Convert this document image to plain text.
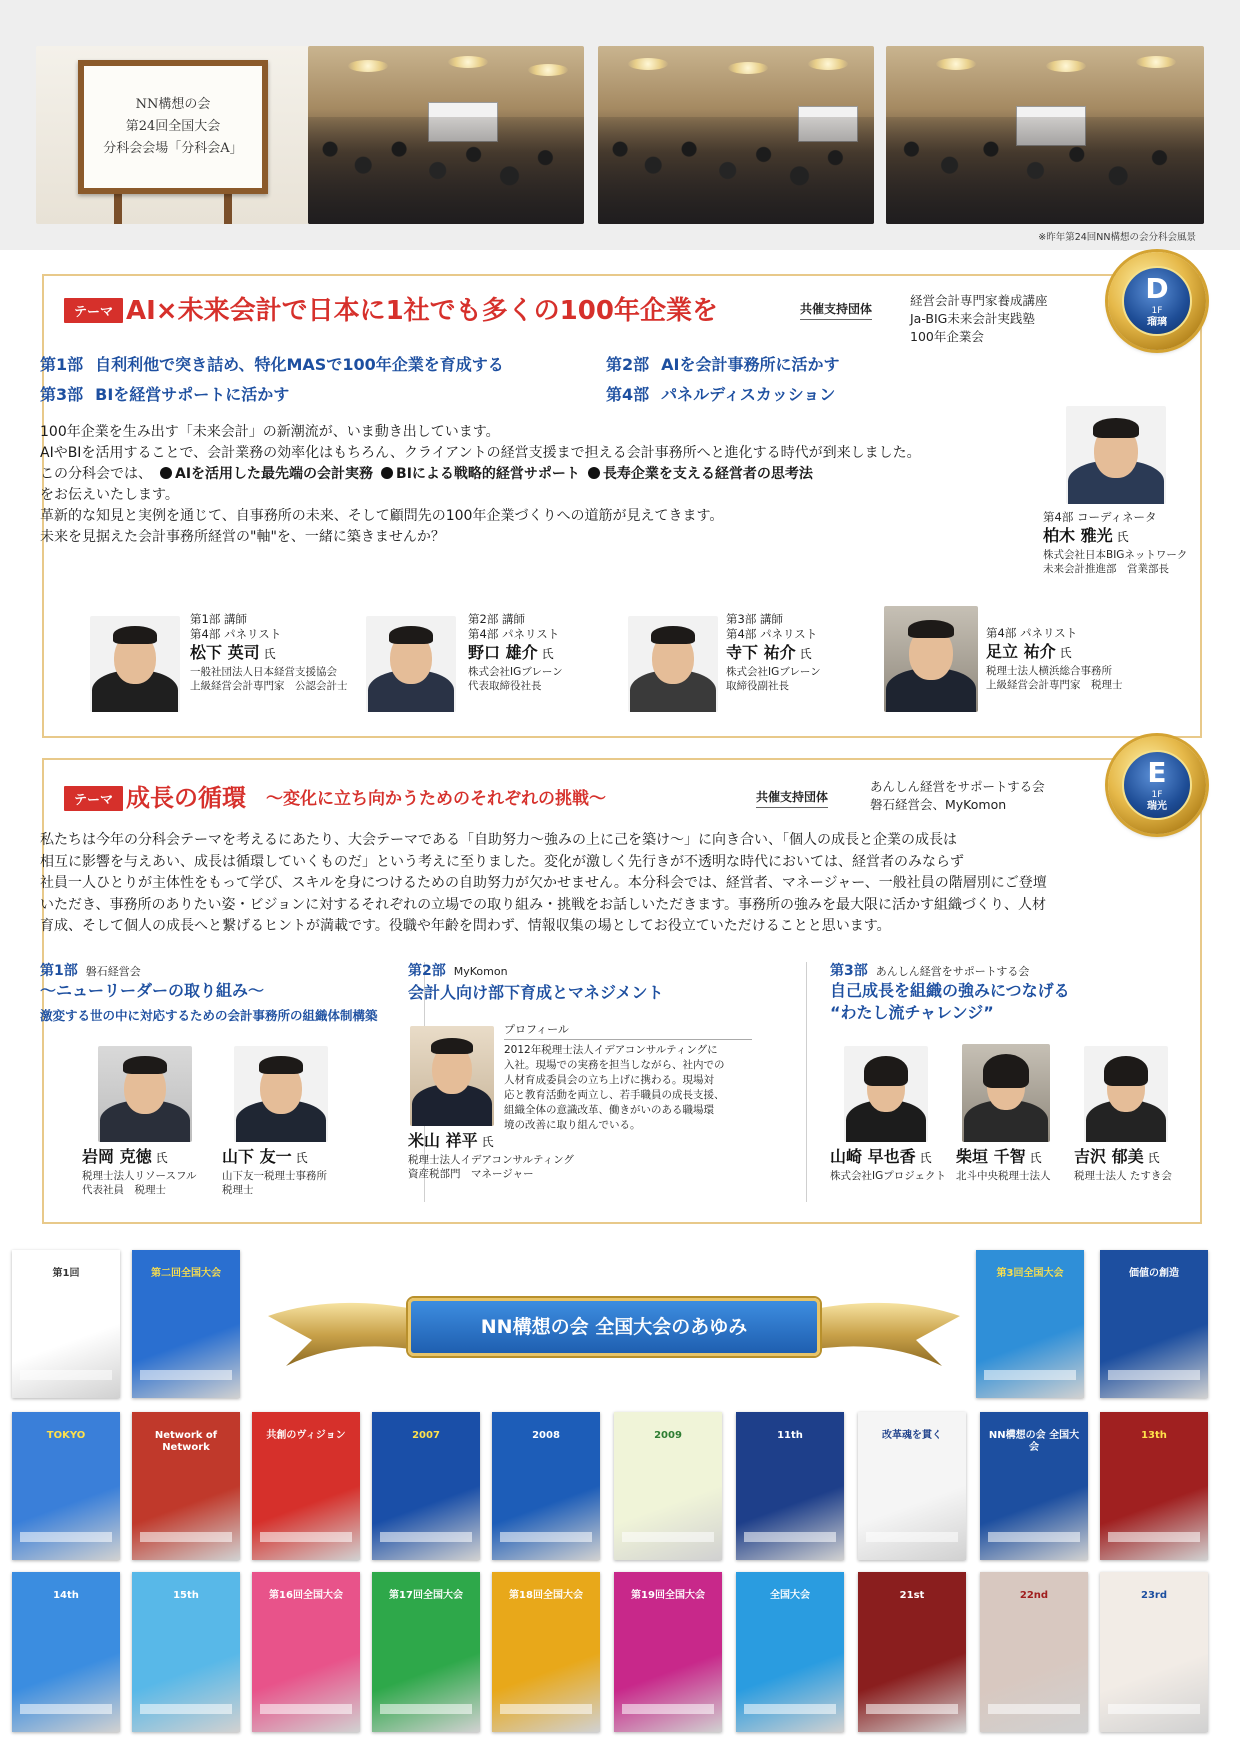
NN構想の会
第24回全国大会
分科会会場「分科会A」
※昨年第24回NN構想の会分科会風景
テーマ AI×未来会計で日本に1社でも多くの100年企業を	共催支持団体
経営会計専門家養成講座
Ja-BIG未来会計実践塾
100年企業会
第1部 自利利他で突き詰め、特化MASで100年企業を育成する	第2部 AIを会計事務所に活かす
第3部 BIを経営サポートに活かす	第4部 パネルディスカッション
100年企業を生み出す「未来会計」の新潮流が、いま動き出しています。
AIやBIを活用することで、会計業務の効率化はもちろん、クライアントの経営支援まで担える会計事務所へと進化する時代が到来しました。
この分科会では、 AIを活用した最先端の会計実務 BIによる戦略的経営サポート 長寿企業を支える経営者の思考法
をお伝えいたします。
革新的な知見と実例を通じて、自事務所の未来、そして顧問先の100年企業づくりへの道筋が見えてきます。
未来を見据えた会計事務所経営の"軸"を、一緒に築きませんか？
第4部 コーディネータ
柏木 雅光 氏
株式会社日本BIGネットワーク
未来会計推進部　営業部長
第1部 講師
第4部 パネリスト
松下 英司 氏
一般社団法人日本経営支援協会
上級経営会計専門家　公認会計士
第2部 講師
第4部 パネリスト
野口 雄介 氏
株式会社IGブレーン
代表取締役社長
第3部 講師
第4部 パネリスト
寺下 祐介 氏
株式会社IGブレーン
取締役副社長
第4部 パネリスト
足立 祐介 氏
税理士法人横浜総合事務所
上級経営会計専門家　税理士
D
1F
瑠璃
テーマ 成長の循環 ～変化に立ち向かうためのそれぞれの挑戦～	共催支持団体
あんしん経営をサポートする会
磐石経営会、MyKomon
私たちは今年の分科会テーマを考えるにあたり、大会テーマである「自助努力～強みの上に己を築け～」に向き合い、「個人の成長と企業の成長は
相互に影響を与えあい、成長は循環していくものだ」という考えに至りました。変化が激しく先行きが不透明な時代においては、経営者のみならず
社員一人ひとりが主体性をもって学び、スキルを身につけるための自助努力が欠かせません。本分科会では、経営者、マネージャー、一般社員の階層別にご登壇
いただき、事務所のありたい姿・ビジョンに対するそれぞれの立場での取り組み・挑戦をお話しいただきます。事務所の強みを最大限に活かす組織づくり、人材
育成、そして個人の成長へと繋げるヒントが満載です。役職や年齢を問わず、情報収集の場としてお役立ていただけることと思います。
第1部 磐石経営会
～ニューリーダーの取り組み～
激変する世の中に対応するための会計事務所の組織体制構築
岩岡 克徳 氏
税理士法人リソースフル
代表社員　税理士
山下 友一 氏
山下友一税理士事務所
税理士
第2部 MyKomon
会計人向け部下育成とマネジメント
プロフィール
2012年税理士法人イデアコンサルティングに
入社。現場での実務を担当しながら、社内での
人材育成委員会の立ち上げに携わる。現場対
応と教育活動を両立し、若手職員の成長支援、
組織全体の意識改革、働きがいのある職場環
境の改善に取り組んでいる。
米山 祥平 氏
税理士法人イデアコンサルティング
資産税部門　マネージャー
第3部 あんしん経営をサポートする会
自己成長を組織の強みにつなげる
“わたし流チャレンジ”
山崎 早也香 氏
株式会社IGプロジェクト
柴垣 千智 氏
北斗中央税理士法人
吉沢 郁美 氏
税理士法人 たすき会
E
1F
瑞光
NN構想の会 全国大会のあゆみ
第1回	第二回全国大会	第3回全国大会	価値の創造
TOKYO	Network of Network
共創のヴィジョン	2007	2008	2009	11th	改革魂を貫く	NN構想の会 全国大会
13th
14th	15th	第16回全国大会	第17回全国大会	第18回全国大会	第19回全国大会	全国大会	21st	22nd	23rd
